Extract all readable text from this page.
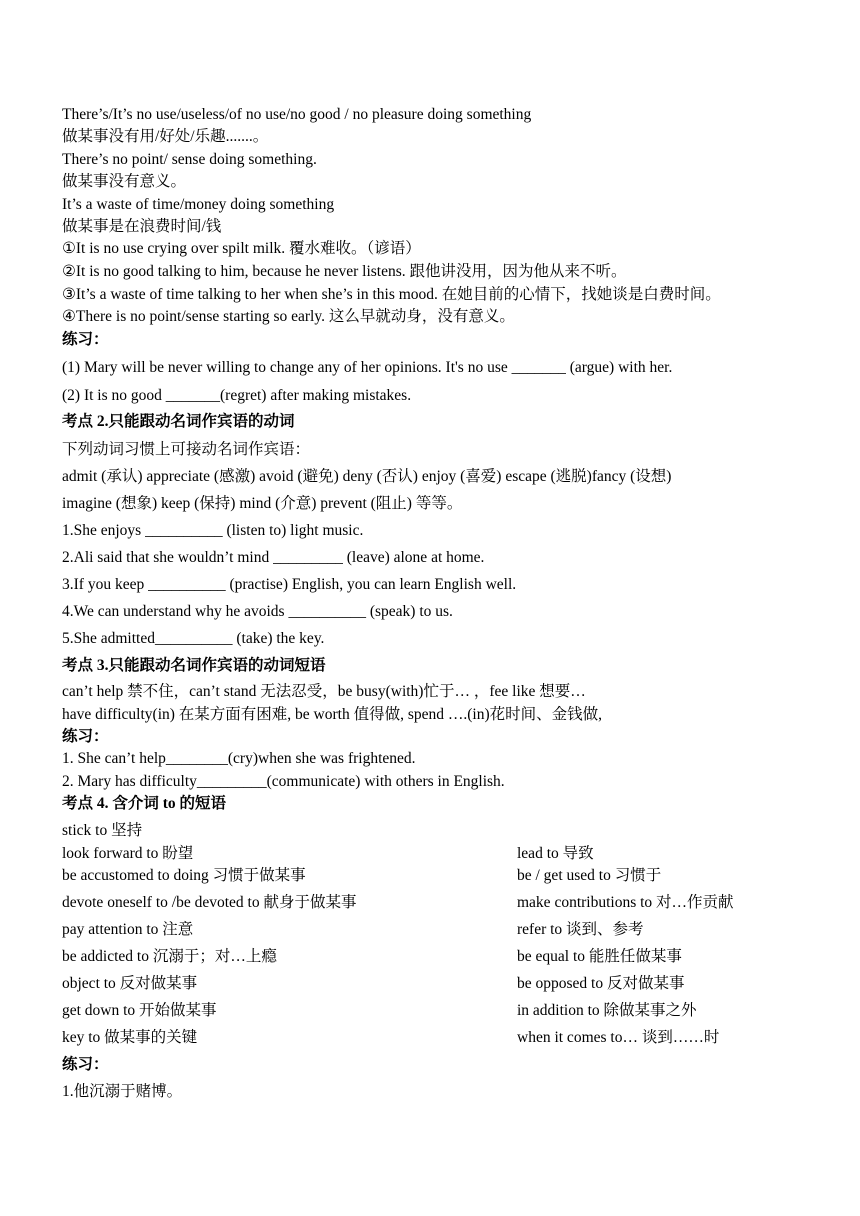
There’s/It’s no use/useless/of no use/no good / no pleasure doing something
做某事没有用/好处/乐趣.......。
There’s no point/ sense doing something.
做某事没有意义。
It’s a waste of time/money doing something
做某事是在浪费时间/钱
①It is no use crying over spilt milk. 覆水难收。（谚语）
②It is no good talking to him, because he never listens. 跟他讲没用，因为他从来不听。
③It’s a waste of time talking to her when she’s in this mood. 在她目前的心情下，找她谈是白费时间。
④There is no point/sense starting so early. 这么早就动身，没有意义。
练习：
(1) Mary will be never willing to change any of her opinions. It's no use _______ (argue) with her.
(2) It is no good _______(regret) after making mistakes.
考点 2.只能跟动名词作宾语的动词
下列动词习惯上可接动名词作宾语：
admit (承认) appreciate (感激) avoid (避免) deny (否认) enjoy (喜爱) escape (逃脱)fancy (设想)
imagine (想象) keep (保持) mind (介意) prevent (阻止) 等等。
1.She enjoys __________ (listen to) light music.
2.Ali said that she wouldn’t mind _________ (leave) alone at home.
3.If you keep __________ (practise) English, you can learn English well.
4.We can understand why he avoids __________ (speak) to us.
5.She admitted__________ (take) the key.
考点 3.只能跟动名词作宾语的动词短语
can’t help 禁不住，can’t stand 无法忍受，be busy(with)忙于… ，fee like 想要…
have difficulty(in) 在某方面有困难, be worth 值得做, spend ….(in)花时间、金钱做,
练习：
1. She can’t help________(cry)when she was frightened.
2. Mary has difficulty_________(communicate) with others in English.
考点 4. 含介词 to 的短语
stick to 坚持
look forward to 盼望	lead to 导致
be accustomed to doing 习惯于做某事	be / get used to 习惯于
devote oneself to /be devoted to 献身于做某事	make contributions to 对…作贡献
pay attention to 注意	refer to 谈到、参考
be addicted to 沉溺于；对…上瘾	be equal to 能胜任做某事
object to 反对做某事	be opposed to 反对做某事
get down to 开始做某事	in addition to 除做某事之外
key to 做某事的关键	when it comes to… 谈到……时
练习：
1.他沉溺于赌博。
